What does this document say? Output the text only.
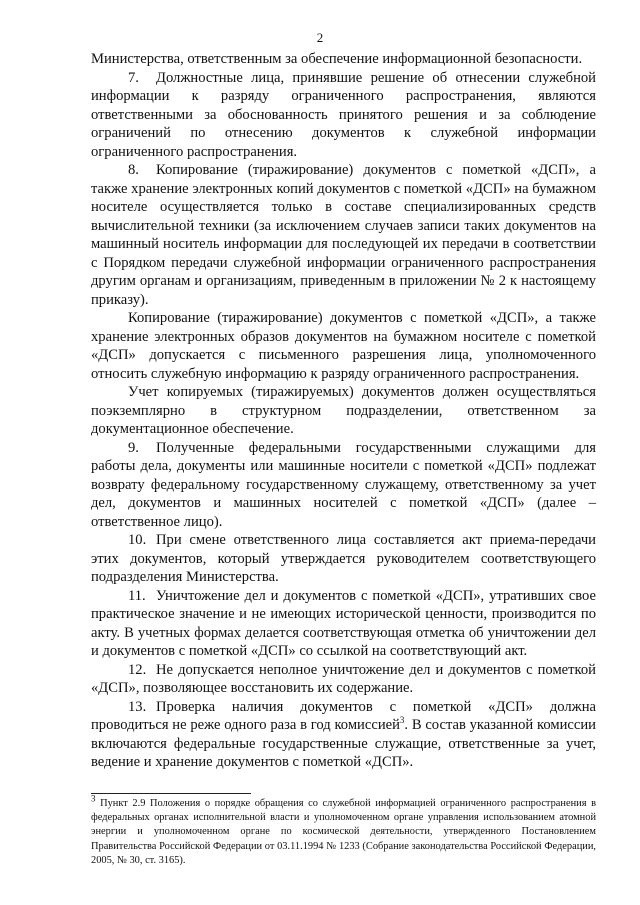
2

Министерства, ответственным за обеспечение информационной безопасности.

7. Должностные лица, принявшие решение об отнесении служебной информации к разряду ограниченного распространения, являются ответственными за обоснованность принятого решения и за соблюдение ограничений по отнесению документов к служебной информации ограниченного распространения.

8. Копирование (тиражирование) документов с пометкой «ДСП», а также хранение электронных копий документов с пометкой «ДСП» на бумажном носителе осуществляется только в составе специализированных средств вычислительной техники (за исключением случаев записи таких документов на машинный носитель информации для последующей их передачи в соответствии с Порядком передачи служебной информации ограниченного распространения другим органам и организациям, приведенным в приложении № 2 к настоящему приказу).

Копирование (тиражирование) документов с пометкой «ДСП», а также хранение электронных образов документов на бумажном носителе с пометкой «ДСП» допускается с письменного разрешения лица, уполномоченного относить служебную информацию к разряду ограниченного распространения.

Учет копируемых (тиражируемых) документов должен осуществляться поэкземплярно в структурном подразделении, ответственном за документационное обеспечение.

9. Полученные федеральными государственными служащими для работы дела, документы или машинные носители с пометкой «ДСП» подлежат возврату федеральному государственному служащему, ответственному за учет дел, документов и машинных носителей с пометкой «ДСП» (далее – ответственное лицо).

10. При смене ответственного лица составляется акт приема-передачи этих документов, который утверждается руководителем соответствующего подразделения Министерства.

11. Уничтожение дел и документов с пометкой «ДСП», утративших свое практическое значение и не имеющих исторической ценности, производится по акту. В учетных формах делается соответствующая отметка об уничтожении дел и документов с пометкой «ДСП» со ссылкой на соответствующий акт.

12. Не допускается неполное уничтожение дел и документов с пометкой «ДСП», позволяющее восстановить их содержание.

13. Проверка наличия документов с пометкой «ДСП» должна проводиться не реже одного раза в год комиссией$^3$. В состав указанной комиссии включаются федеральные государственные служащие, ответственные за учет, ведение и хранение документов с пометкой «ДСП».

$^3$ Пункт 2.9 Положения о порядке обращения со служебной информацией ограниченного распространения в федеральных органах исполнительной власти и уполномоченном органе управления использованием атомной энергии и уполномоченном органе по космической деятельности, утвержденного Постановлением Правительства Российской Федерации от 03.11.1994 № 1233 (Собрание законодательства Российской Федерации, 2005, № 30, ст. 3165).
